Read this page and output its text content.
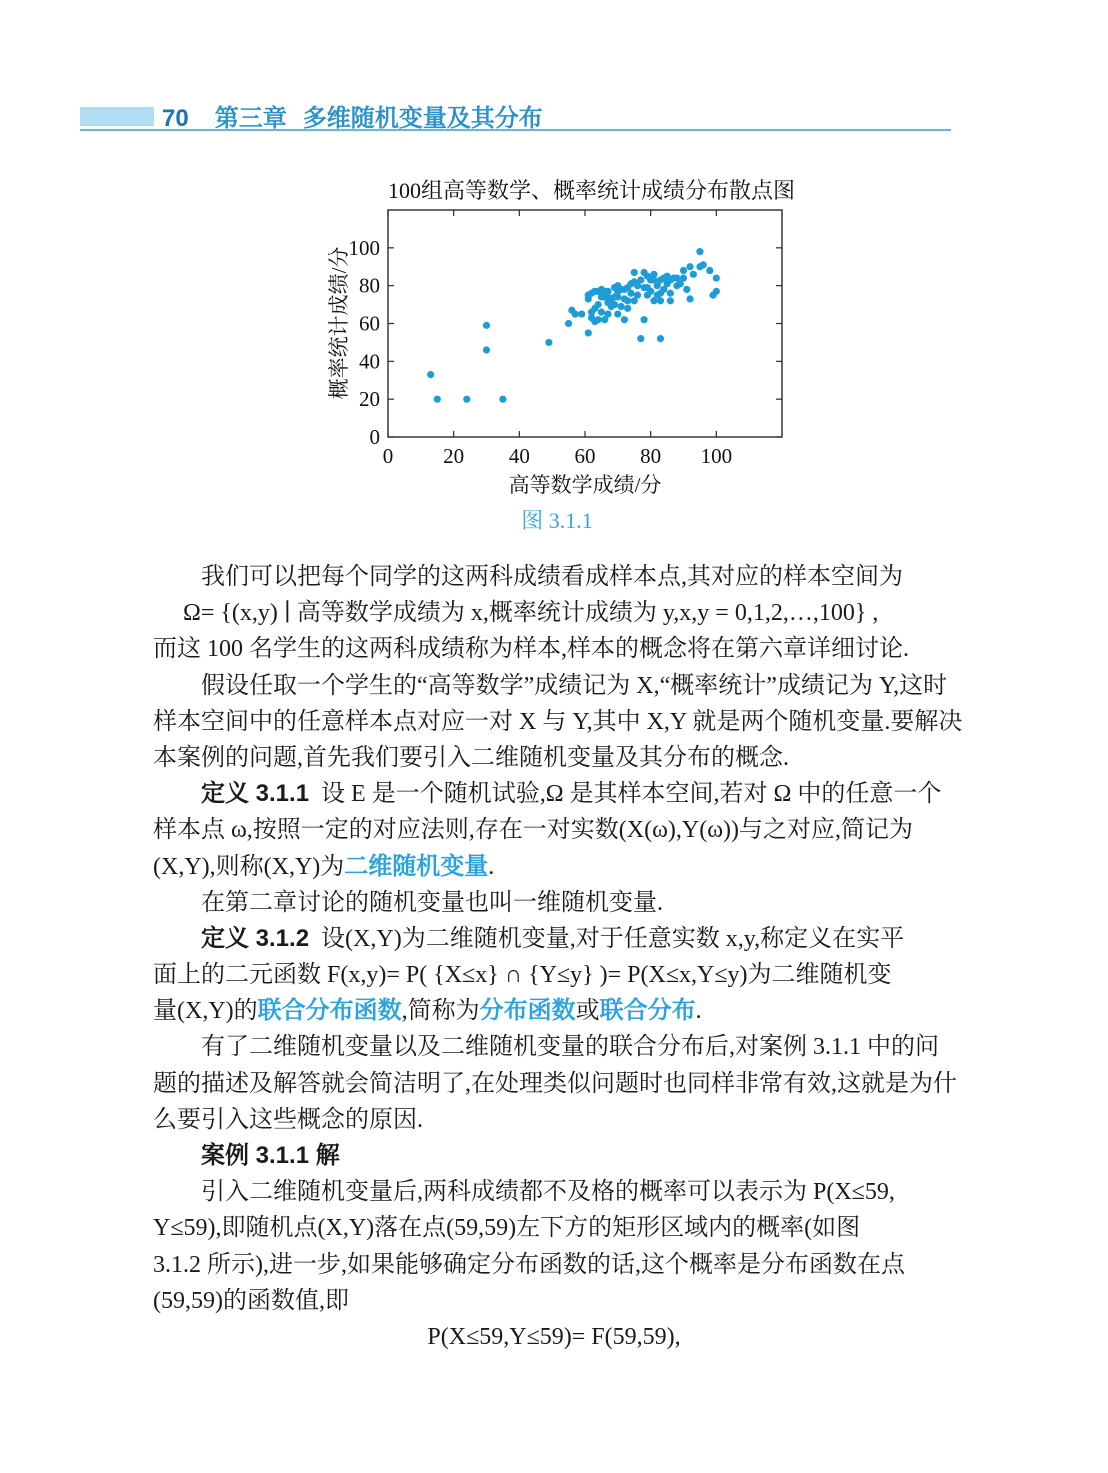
70 第三章 多维随机变量及其分布
100组高等数学、概率统计成绩分布散点图
0 20 40 60 80 100
0
20
40
60
80
100
概率统计成绩/分
高等数学成绩/分
图 3.1.1
我们可以把每个同学的这两科成绩看成样本点,其对应的样本空间为
Ω= {(x,y) ∣ 高等数学成绩为 x,概率统计成绩为 y,x,y = 0,1,2,…,100} ,
而这 100 名学生的这两科成绩称为样本,样本的概念将在第六章详细讨论.
假设任取一个学生的“高等数学”成绩记为 X,“概率统计”成绩记为 Y,这时
样本空间中的任意样本点对应一对 X 与 Y,其中 X,Y 就是两个随机变量.要解决
本案例的问题,首先我们要引入二维随机变量及其分布的概念.
定义 3.1.1  设 E 是一个随机试验,Ω 是其样本空间,若对 Ω 中的任意一个
样本点 ω,按照一定的对应法则,存在一对实数(X(ω),Y(ω))与之对应,简记为
(X,Y),则称(X,Y)为二维随机变量.
在第二章讨论的随机变量也叫一维随机变量.
定义 3.1.2  设(X,Y)为二维随机变量,对于任意实数 x,y,称定义在实平
面上的二元函数 F(x,y)= P( {X≤x} ∩ {Y≤y} )= P(X≤x,Y≤y)为二维随机变
量(X,Y)的联合分布函数,简称为分布函数或联合分布.
有了二维随机变量以及二维随机变量的联合分布后,对案例 3.1.1 中的问
题的描述及解答就会简洁明了,在处理类似问题时也同样非常有效,这就是为什
么要引入这些概念的原因.
案例 3.1.1 解
引入二维随机变量后,两科成绩都不及格的概率可以表示为 P(X≤59,
Y≤59),即随机点(X,Y)落在点(59,59)左下方的矩形区域内的概率(如图
3.1.2 所示),进一步,如果能够确定分布函数的话,这个概率是分布函数在点
(59,59)的函数值,即
P(X≤59,Y≤59)= F(59,59),
